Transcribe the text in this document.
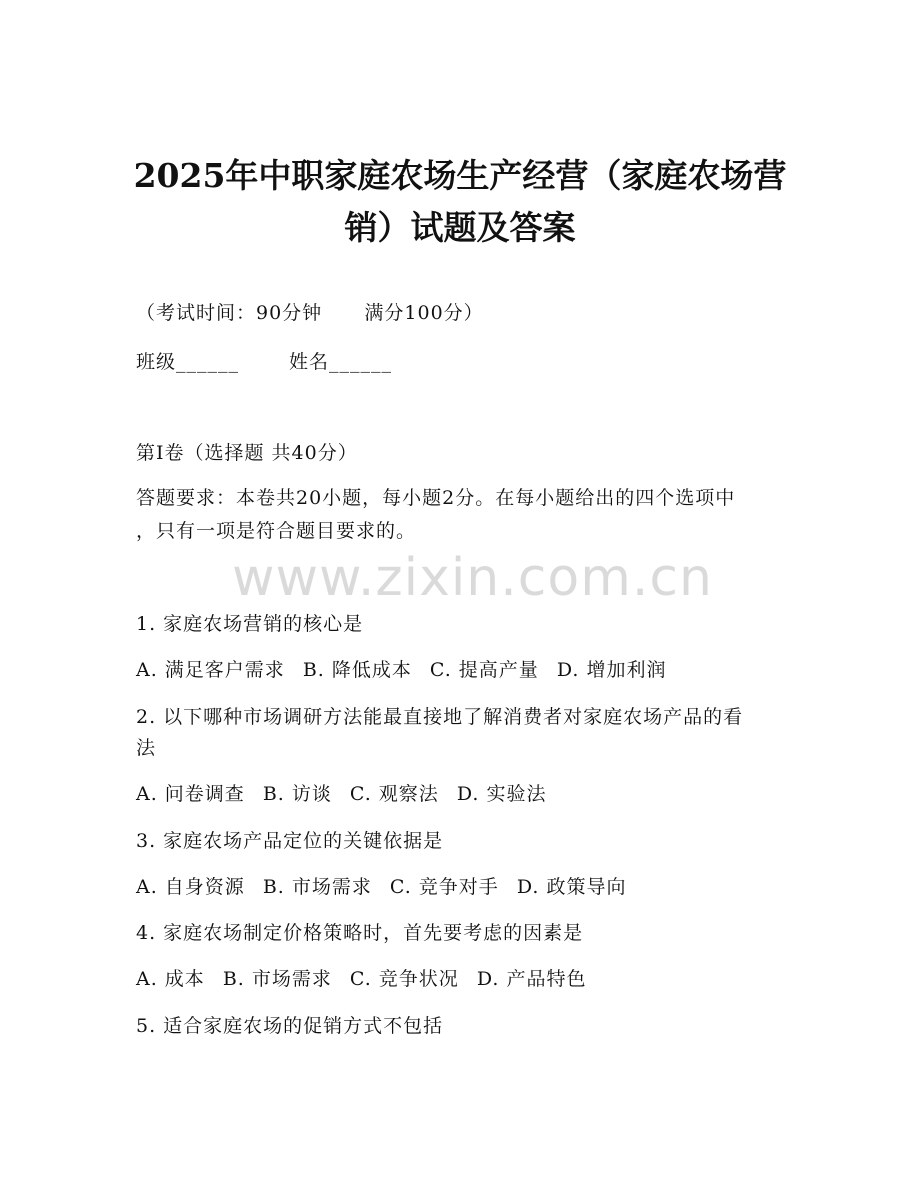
2025年中职家庭农场生产经营（家庭农场营
销）试题及答案
（考试时间：90分钟      满分100分）
班级______	姓名______
第I卷（选择题 共40分）
答题要求：本卷共20小题，每小题2分。在每小题给出的四个选项中
，只有一项是符合题目要求的。
www.zixin.com.cn
1. 家庭农场营销的核心是
A. 满足客户需求 B. 降低成本 C. 提高产量 D. 增加利润
2. 以下哪种市场调研方法能最直接地了解消费者对家庭农场产品的看
法
A. 问卷调查 B. 访谈 C. 观察法 D. 实验法
3. 家庭农场产品定位的关键依据是
A. 自身资源 B. 市场需求 C. 竞争对手 D. 政策导向
4. 家庭农场制定价格策略时，首先要考虑的因素是
A. 成本 B. 市场需求 C. 竞争状况 D. 产品特色
5. 适合家庭农场的促销方式不包括
